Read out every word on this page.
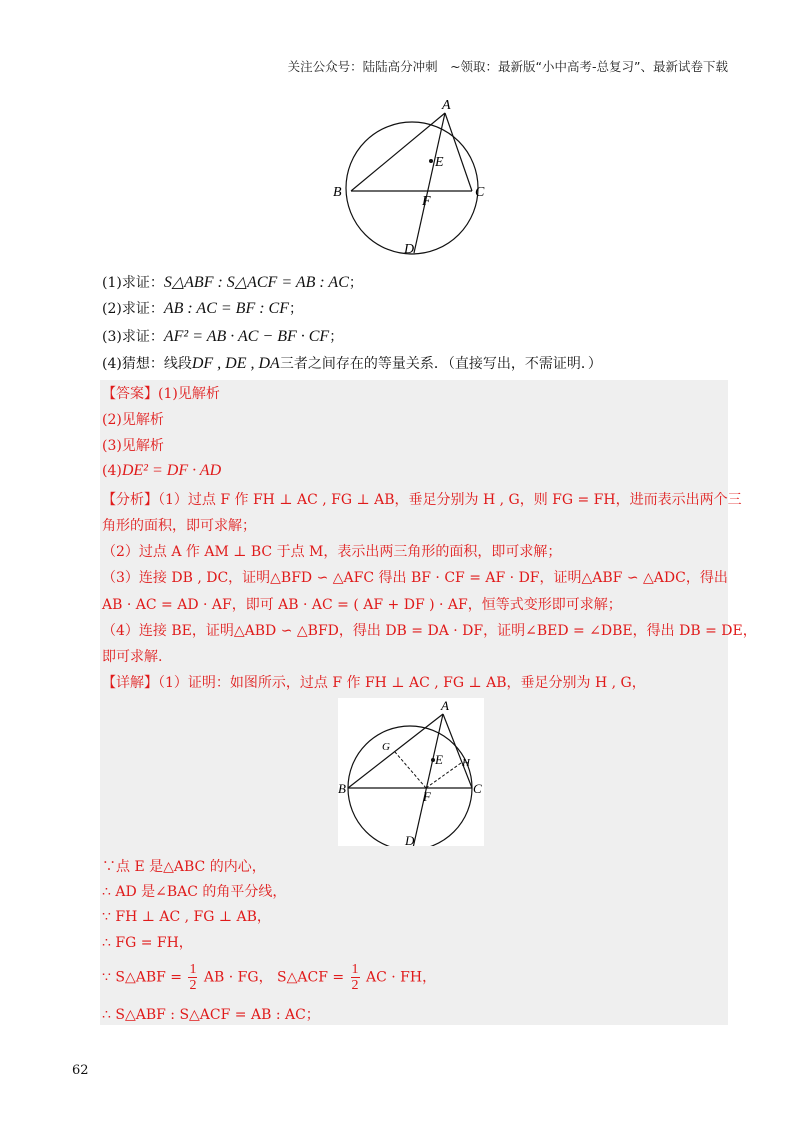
关注公众号：陆陆高分冲刺　~领取：最新版“小中高考-总复习”、最新试卷下载
A
B	C
D
E
F
(1)求证：S△ABF : S△ACF = AB : AC；
(2)求证：AB : AC = BF : CF；
(3)求证：AF² = AB · AC − BF · CF；
(4)猜想：线段DF , DE , DA三者之间存在的等量关系．（直接写出，不需证明．）
【答案】(1)见解析
(2)见解析
(3)见解析
(4)DE² = DF · AD
【分析】（1）过点 F 作 FH ⊥ AC , FG ⊥ AB，垂足分别为 H , G，则 FG = FH，进而表示出两个三
角形的面积，即可求解；
（2）过点 A 作 AM ⊥ BC 于点 M，表示出两三角形的面积，即可求解；
（3）连接 DB , DC，证明△BFD ∽ △AFC 得出 BF · CF = AF · DF，证明△ABF ∽ △ADC，得出
AB · AC = AD · AF，即可 AB · AC = ( AF + DF ) · AF，恒等式变形即可求解；
（4）连接 BE，证明△ABD ∽ △BFD，得出 DB = DA · DF，证明∠BED = ∠DBE，得出 DB = DE，
即可求解.
【详解】（1）证明：如图所示，过点 F 作 FH ⊥ AC , FG ⊥ AB，垂足分别为 H , G，
A
B	C
D
E
F
G
H
∵点 E 是△ABC 的内心，
∴ AD 是∠BAC 的角平分线，
∵ FH ⊥ AC , FG ⊥ AB，
∴ FG = FH，
∵ S△ABF = $\frac{1}{2}$ AB · FG， S△ACF = $\frac{1}{2}$ AC · FH，
∴ S△ABF : S△ACF = AB : AC；
62
